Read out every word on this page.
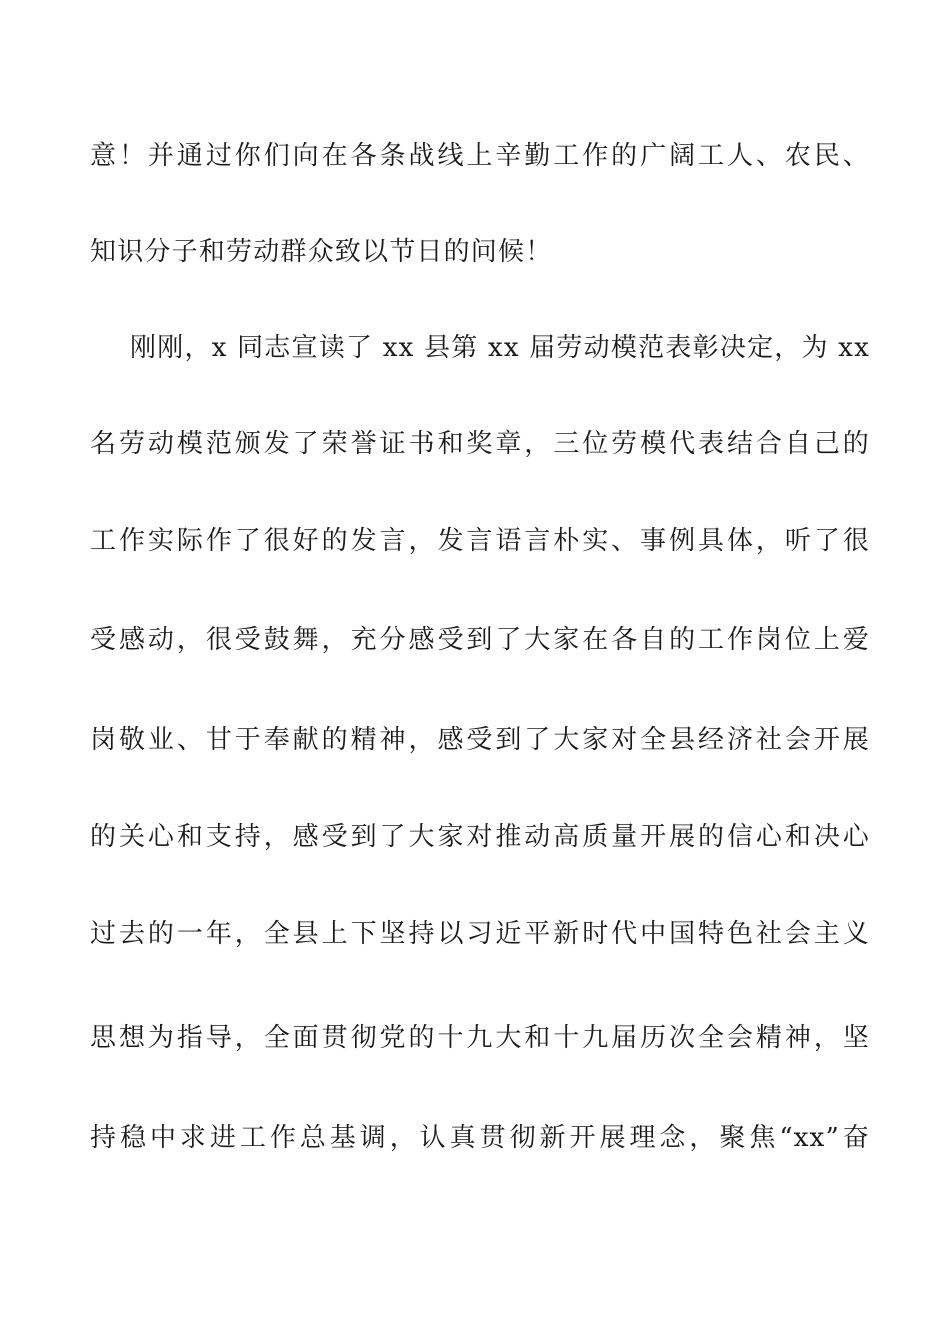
意！并通过你们向在各条战线上辛勤工作的广阔工人、农民、
知识分子和劳动群众致以节日的问候！
刚刚，x 同志宣读了 xx 县第 xx 届劳动模范表彰决定，为 xx
名劳动模范颁发了荣誉证书和奖章，三位劳模代表结合自己的
工作实际作了很好的发言，发言语言朴实、事例具体，听了很
受感动，很受鼓舞，充分感受到了大家在各自的工作岗位上爱
岗敬业、甘于奉献的精神，感受到了大家对全县经济社会开展
的关心和支持，感受到了大家对推动高质量开展的信心和决心
过去的一年，全县上下坚持以习近平新时代中国特色社会主义
思想为指导，全面贯彻党的十九大和十九届历次全会精神，坚
持稳中求进工作总基调，认真贯彻新开展理念，聚焦“xx”奋
